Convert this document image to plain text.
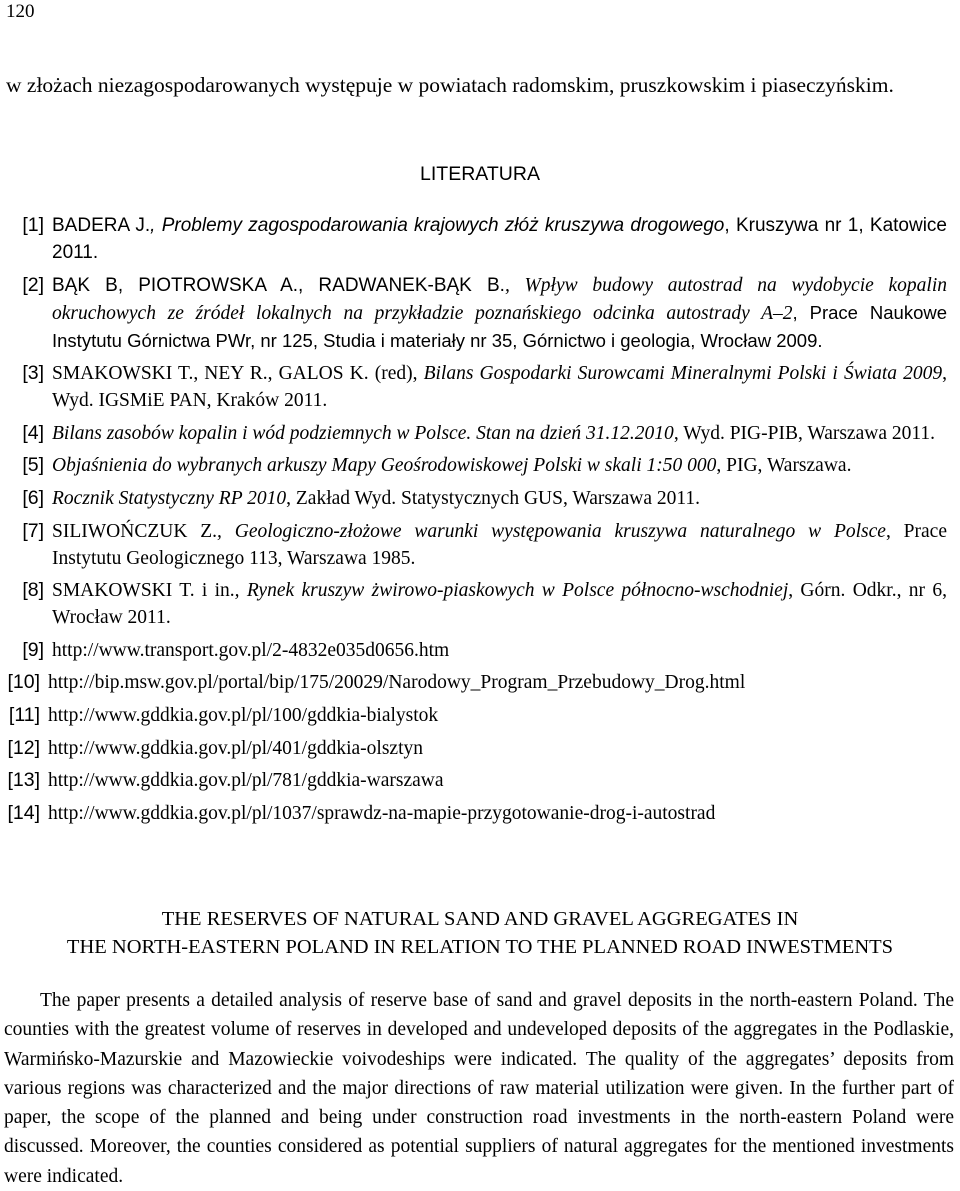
120
w złożach niezagospodarowanych występuje w powiatach radomskim, pruszkowskim i piaseczyńskim.
LITERATURA
[1] BADERA J., Problemy zagospodarowania krajowych złóż kruszywa drogowego, Kruszywa nr 1, Katowice 2011.
[2] BĄK B, PIOTROWSKA A., RADWANEK-BĄK B., Wpływ budowy autostrad na wydobycie kopalin okruchowych ze źródeł lokalnych na przykładzie poznańskiego odcinka autostrady A–2, Prace Naukowe Instytutu Górnictwa PWr, nr 125, Studia i materiały nr 35, Górnictwo i geologia, Wrocław 2009.
[3] SMAKOWSKI T., NEY R., GALOS K. (red), Bilans Gospodarki Surowcami Mineralnymi Polski i Świata 2009, Wyd. IGSMiE PAN, Kraków 2011.
[4] Bilans zasobów kopalin i wód podziemnych w Polsce. Stan na dzień 31.12.2010, Wyd. PIG-PIB, Warszawa 2011.
[5] Objaśnienia do wybranych arkuszy Mapy Geośrodowiskowej Polski w skali 1:50 000, PIG, Warszawa.
[6] Rocznik Statystyczny RP 2010, Zakład Wyd. Statystycznych GUS, Warszawa 2011.
[7] SILIWOŃCZUK Z., Geologiczno-złożowe warunki występowania kruszywa naturalnego w Polsce, Prace Instytutu Geologicznego 113, Warszawa 1985.
[8] SMAKOWSKI T. i in., Rynek kruszyw żwirowo-piaskowych w Polsce północno-wschodniej, Górn. Odkr., nr 6, Wrocław 2011.
[9] http://www.transport.gov.pl/2-4832e035d0656.htm
[10] http://bip.msw.gov.pl/portal/bip/175/20029/Narodowy_Program_Przebudowy_Drog.html
[11] http://www.gddkia.gov.pl/pl/100/gddkia-bialystok
[12] http://www.gddkia.gov.pl/pl/401/gddkia-olsztyn
[13] http://www.gddkia.gov.pl/pl/781/gddkia-warszawa
[14] http://www.gddkia.gov.pl/pl/1037/sprawdz-na-mapie-przygotowanie-drog-i-autostrad
THE RESERVES OF NATURAL SAND AND GRAVEL AGGREGATES IN
THE NORTH-EASTERN POLAND IN RELATION TO THE PLANNED ROAD INWESTMENTS
The paper presents a detailed analysis of reserve base of sand and gravel deposits in the north-eastern Poland. The counties with the greatest volume of reserves in developed and undeveloped deposits of the aggregates in the Podlaskie, Warmińsko-Mazurskie and Mazowieckie voivodeships were indicated. The quality of the aggregates’ deposits from various regions was characterized and the major directions of raw material utilization were given. In the further part of paper, the scope of the planned and being under construction road investments in the north-eastern Poland were discussed. Moreover, the counties considered as potential suppliers of natural aggregates for the mentioned investments were indicated.
